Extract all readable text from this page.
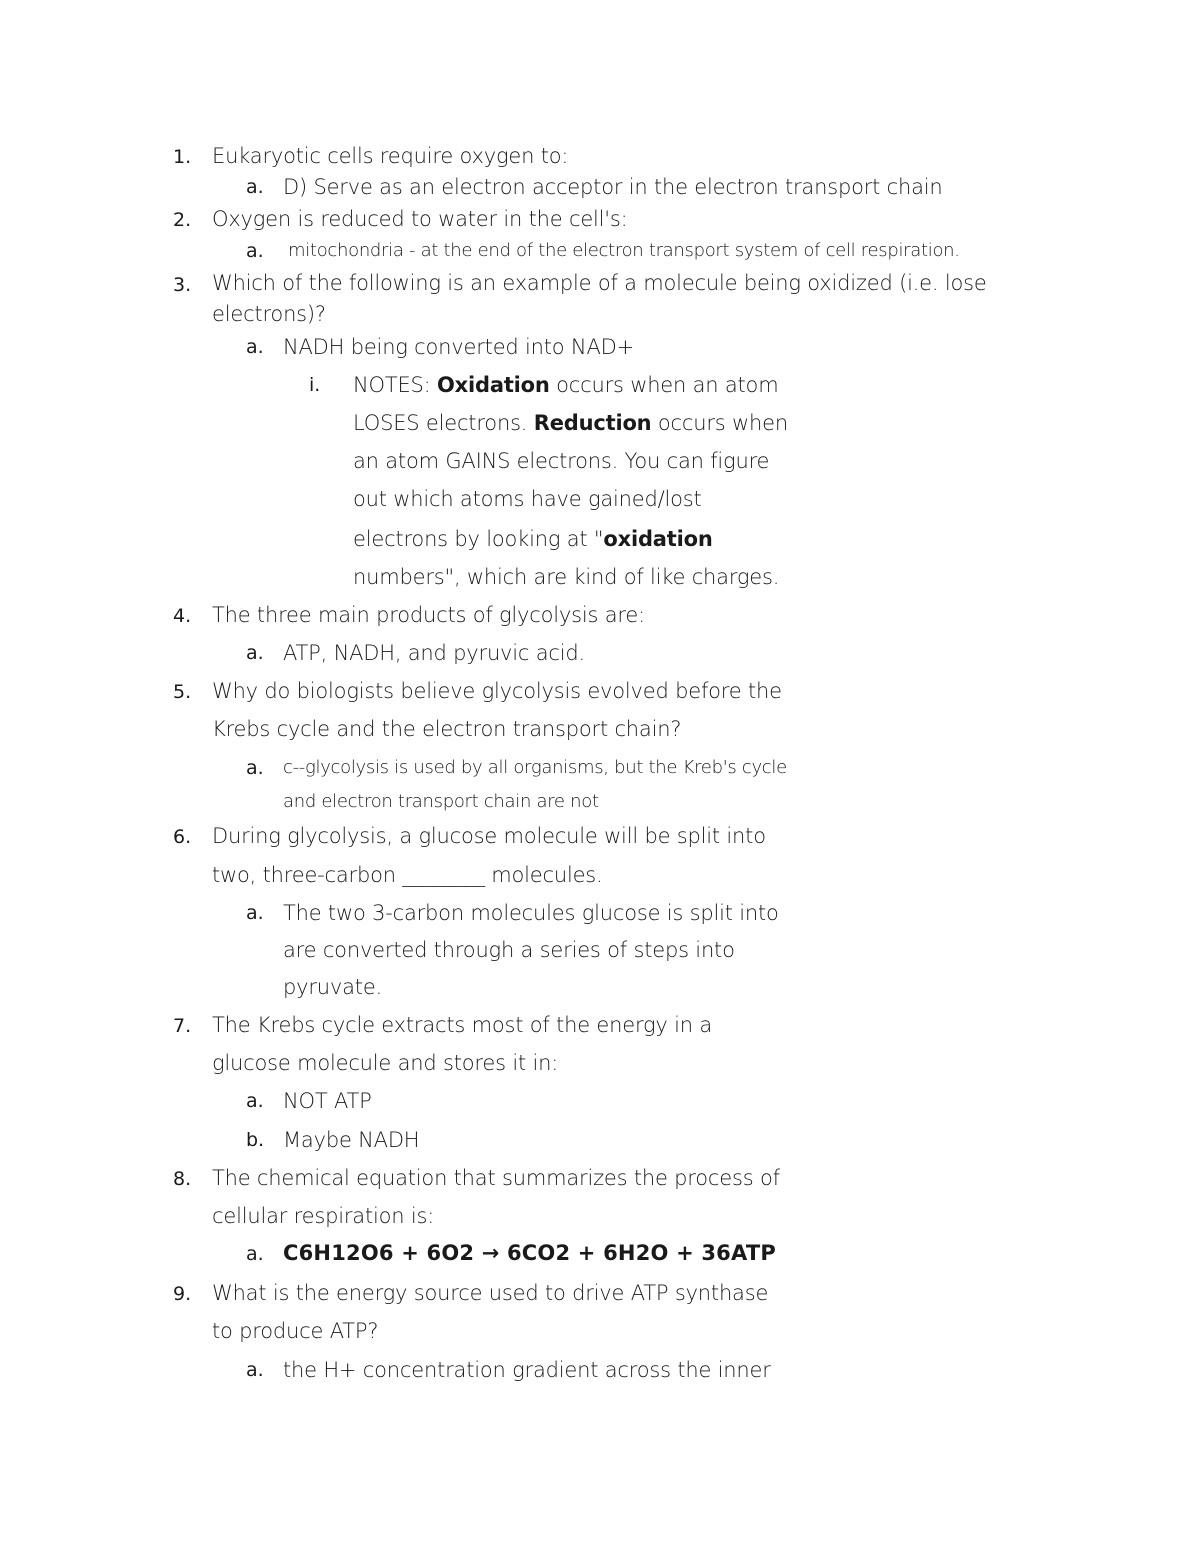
1. Eukaryotic cells require oxygen to:
a. D) Serve as an electron acceptor in the electron transport chain
2. Oxygen is reduced to water in the cell's:
a. mitochondria - at the end of the electron transport system of cell respiration.
3. Which of the following is an example of a molecule being oxidized (i.e. lose
electrons)?
a. NADH being converted into NAD+
i. NOTES: Oxidation occurs when an atom
LOSES electrons. Reduction occurs when
an atom GAINS electrons. You can figure
out which atoms have gained/lost
electrons by looking at "oxidation
numbers", which are kind of like charges.
4. The three main products of glycolysis are:
a. ATP, NADH, and pyruvic acid.
5. Why do biologists believe glycolysis evolved before the
Krebs cycle and the electron transport chain?
a. c--glycolysis is used by all organisms, but the Kreb's cycle
and electron transport chain are not
6. During glycolysis, a glucose molecule will be split into
two, three-carbon ________ molecules.
a. The two 3-carbon molecules glucose is split into
are converted through a series of steps into
pyruvate.
7. The Krebs cycle extracts most of the energy in a
glucose molecule and stores it in:
a. NOT ATP
b. Maybe NADH
8. The chemical equation that summarizes the process of
cellular respiration is:
a. C6H12O6 + 6O2 → 6CO2 + 6H2O + 36ATP
9. What is the energy source used to drive ATP synthase
to produce ATP?
a. the H+ concentration gradient across the inner
